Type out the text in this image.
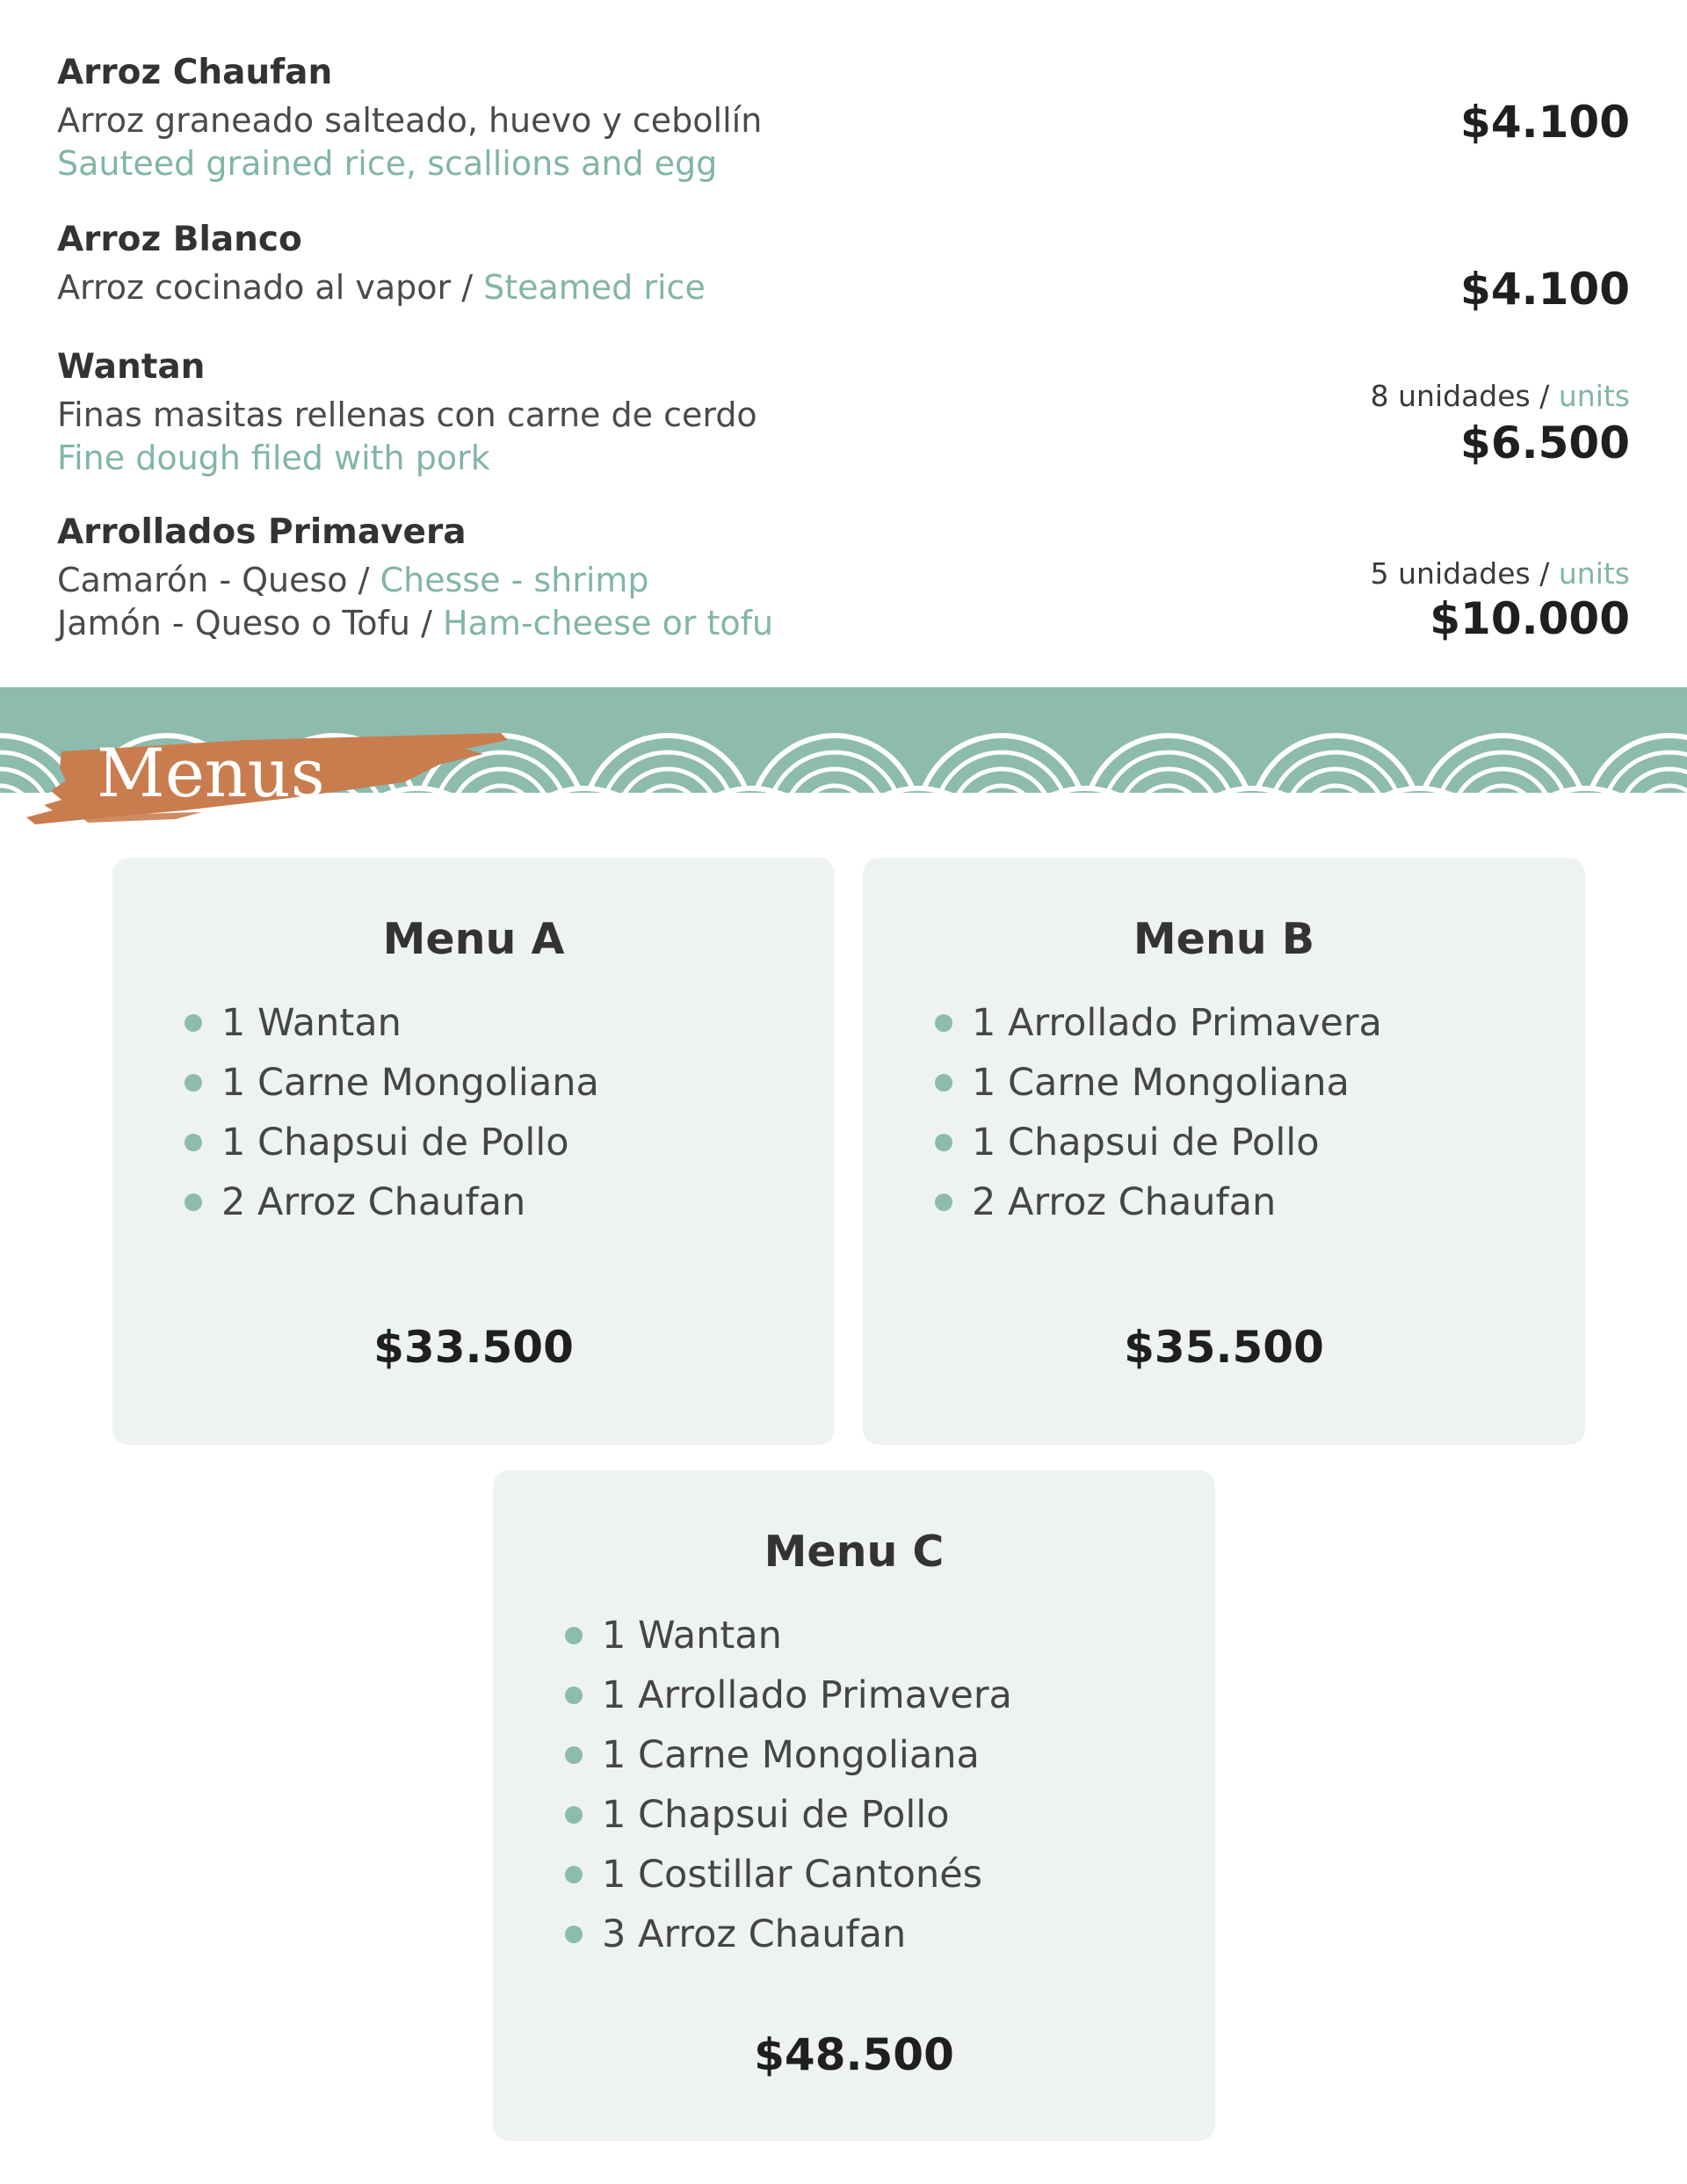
Arroz Chaufan
Arroz graneado salteado, huevo y cebollín
Sauteed grained rice, scallions and egg
$4.100
Arroz Blanco
Arroz cocinado al vapor / Steamed rice	$4.100
Wantan
Finas masitas rellenas con carne de cerdo
Fine dough filed with pork
8 unidades / units
$6.500
Arrollados Primavera
Camarón - Queso / Chesse - shrimp
Jamón - Queso o Tofu / Ham-cheese or tofu
5 unidades / units
$10.000
Menus
Menu A
1 Wantan
1 Carne Mongoliana
1 Chapsui de Pollo
2 Arroz Chaufan
$33.500
Menu B
1 Arrollado Primavera
1 Carne Mongoliana
1 Chapsui de Pollo
2 Arroz Chaufan
$35.500
Menu C
1 Wantan
1 Arrollado Primavera
1 Carne Mongoliana
1 Chapsui de Pollo
1 Costillar Cantonés
3 Arroz Chaufan
$48.500
